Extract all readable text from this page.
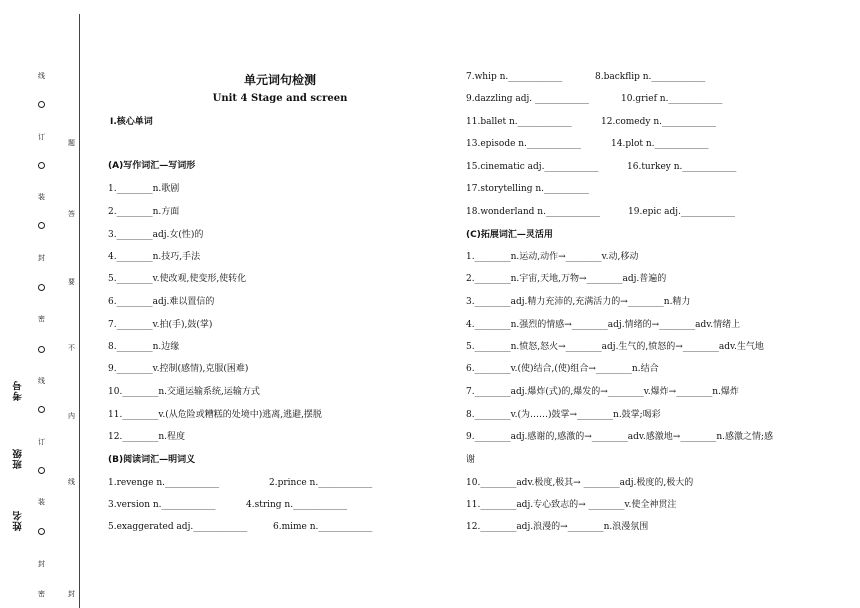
线
订
装
封
密
线
订
装
封
密
题
答
要
不
内
线
封
考号
班级
姓名
单元词句检测
Unit 4 Stage and screen
Ⅰ.核心单词
(A)写作词汇—写词形
1.________n.歌剧
2.________n.方面
3.________adj.女(性)的
4.________n.技巧,手法
5.________v.使改观,使变形,使转化
6.________adj.难以置信的
7.________v.拍(手),鼓(掌)
8.________n.边缘
9.________v.控制(感情),克服(困难)
10.________n.交通运输系统,运输方式
11.________v.(从危险或糟糕的处境中)逃离,逃避,摆脱
12.________n.程度
(B)阅读词汇—明词义
1.revenge n.____________	2.prince n.____________
3.version n.____________	4.string n.____________
5.exaggerated adj.____________	6.mime n.____________
7.whip n.____________	8.backflip n.____________
9.dazzling adj. ____________	10.grief n.____________
11.ballet n.____________	12.comedy n.____________
13.episode n.____________	14.plot n.____________
15.cinematic adj.____________	16.turkey n.____________
17.storytelling n.__________
18.wonderland n.____________	19.epic adj.____________
(C)拓展词汇—灵活用
1.________n.运动,动作→________v.动,移动
2.________n.宇宙,天地,万物→________adj.普遍的
3.________adj.精力充沛的,充满活力的→________n.精力
4.________n.强烈的情感→________adj.情绪的→________adv.情绪上
5.________n.愤怒,怒火→________adj.生气的,愤怒的→________adv.生气地
6.________v.(使)结合,(使)组合→________n.结合
7.________adj.爆炸(式)的,爆发的→________v.爆炸→________n.爆炸
8.________v.(为……)鼓掌→________n.鼓掌;喝彩
9.________adj.感谢的,感激的→________adv.感激地→________n.感激之情;感
谢
10.________adv.极度,极其→ ________adj.极度的,极大的
11.________adj.专心致志的→ ________v.使全神贯注
12.________adj.浪漫的→________n.浪漫氛围
